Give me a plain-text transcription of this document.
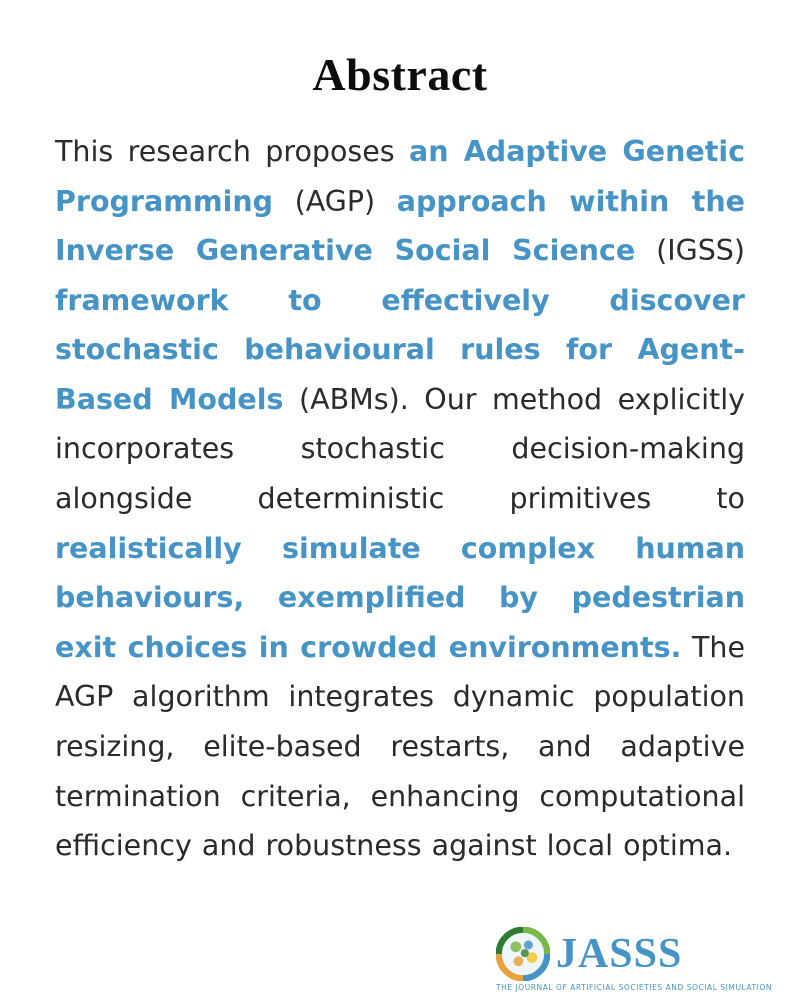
Abstract

This research proposes an Adaptive Genetic Programming (AGP) approach within the Inverse Generative Social Science (IGSS) framework to effectively discover stochastic behavioural rules for Agent-Based Models (ABMs). Our method explicitly incorporates stochastic decision-making alongside deterministic primitives to realistically simulate complex human behaviours, exemplified by pedestrian exit choices in crowded environments. The AGP algorithm integrates dynamic population resizing, elite-based restarts, and adaptive termination criteria, enhancing computational efficiency and robustness against local optima.

JASSS
THE JOURNAL OF ARTIFICIAL SOCIETIES AND SOCIAL SIMULATION
